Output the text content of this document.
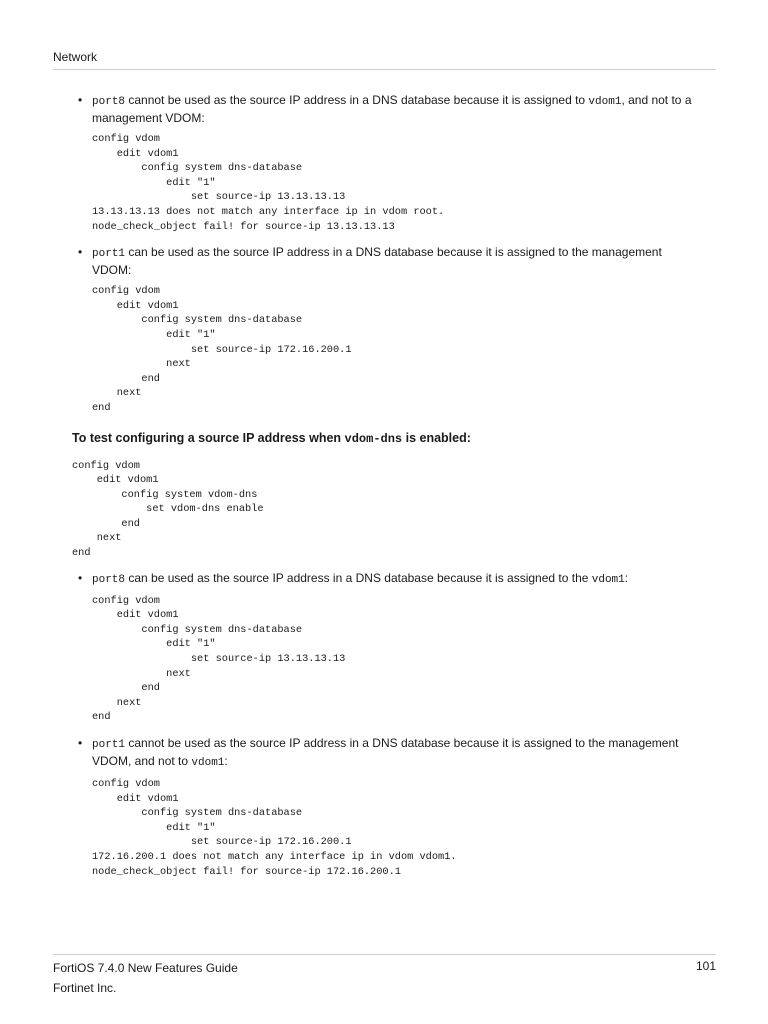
Network
• port8 cannot be used as the source IP address in a DNS database because it is assigned to vdom1, and not to a management VDOM:
config vdom
edit vdom1
config system dns-database
edit "1"
set source-ip 13.13.13.13
13.13.13.13 does not match any interface ip in vdom root.
node_check_object fail! for source-ip 13.13.13.13
• port1 can be used as the source IP address in a DNS database because it is assigned to the management VDOM:
config vdom
edit vdom1
config system dns-database
edit "1"
set source-ip 172.16.200.1
next
end
next
end
To test configuring a source IP address when vdom-dns is enabled:
config vdom
edit vdom1
config system vdom-dns
set vdom-dns enable
end
next
end
• port8 can be used as the source IP address in a DNS database because it is assigned to the vdom1:
config vdom
edit vdom1
config system dns-database
edit "1"
set source-ip 13.13.13.13
next
end
next
end
• port1 cannot be used as the source IP address in a DNS database because it is assigned to the management VDOM, and not to vdom1:
config vdom
edit vdom1
config system dns-database
edit "1"
set source-ip 172.16.200.1
172.16.200.1 does not match any interface ip in vdom vdom1.
node_check_object fail! for source-ip 172.16.200.1
FortiOS 7.4.0 New Features Guide
Fortinet Inc.
101
